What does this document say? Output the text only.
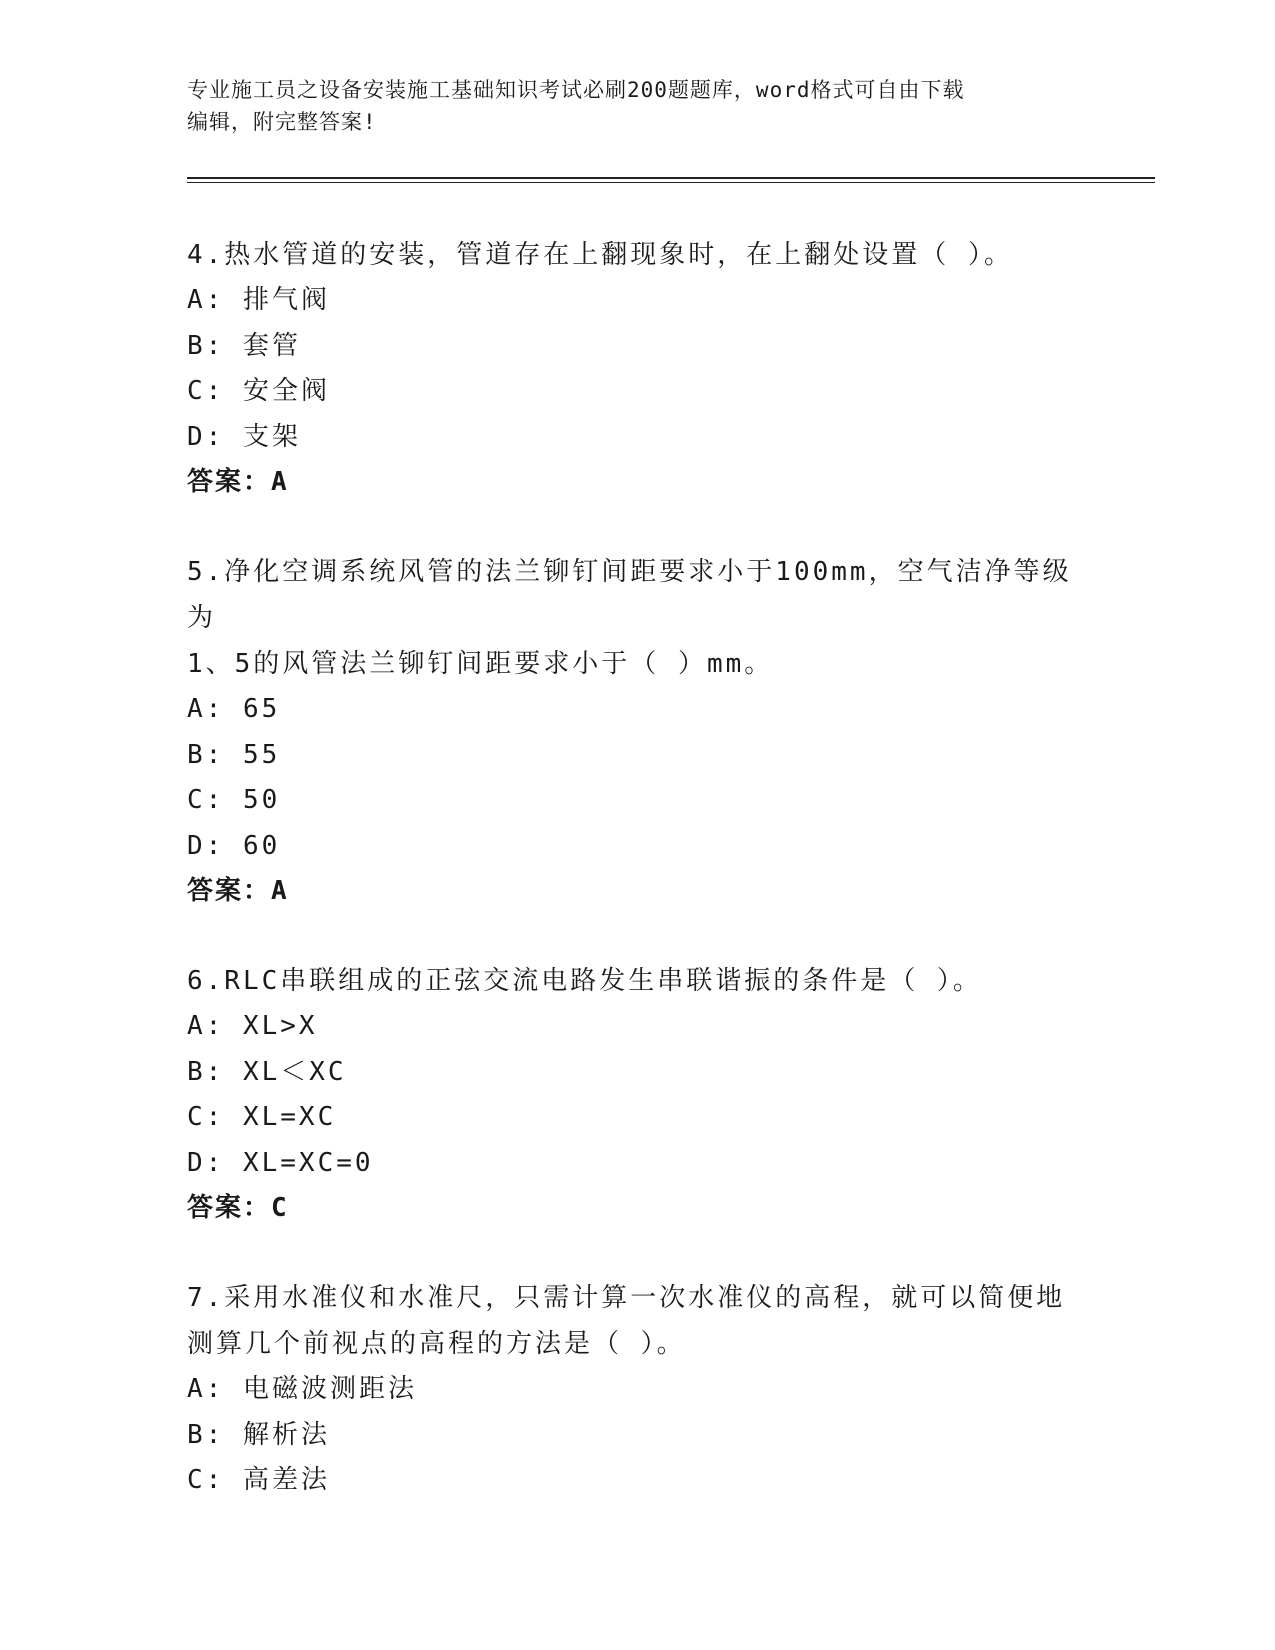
专业施工员之设备安装施工基础知识考试必刷200题题库，word格式可自由下载
编辑，附完整答案!

4.热水管道的安装，管道存在上翻现象时，在上翻处设置（ ）。

A: 排气阀

B: 套管

C: 安全阀

D: 支架

答案：A

5.净化空调系统风管的法兰铆钉间距要求小于100mm，空气洁净等级为

1、5的风管法兰铆钉间距要求小于（ ）mm。

A: 65

B: 55

C: 50

D: 60

答案：A

6.RLC串联组成的正弦交流电路发生串联谐振的条件是（ ）。

A: XL>X

B: XL＜XC

C: XL=XC

D: XL=XC=0

答案：C

7.采用水准仪和水准尺，只需计算一次水准仪的高程，就可以简便地

测算几个前视点的高程的方法是（ ）。

A: 电磁波测距法

B: 解析法

C: 高差法
